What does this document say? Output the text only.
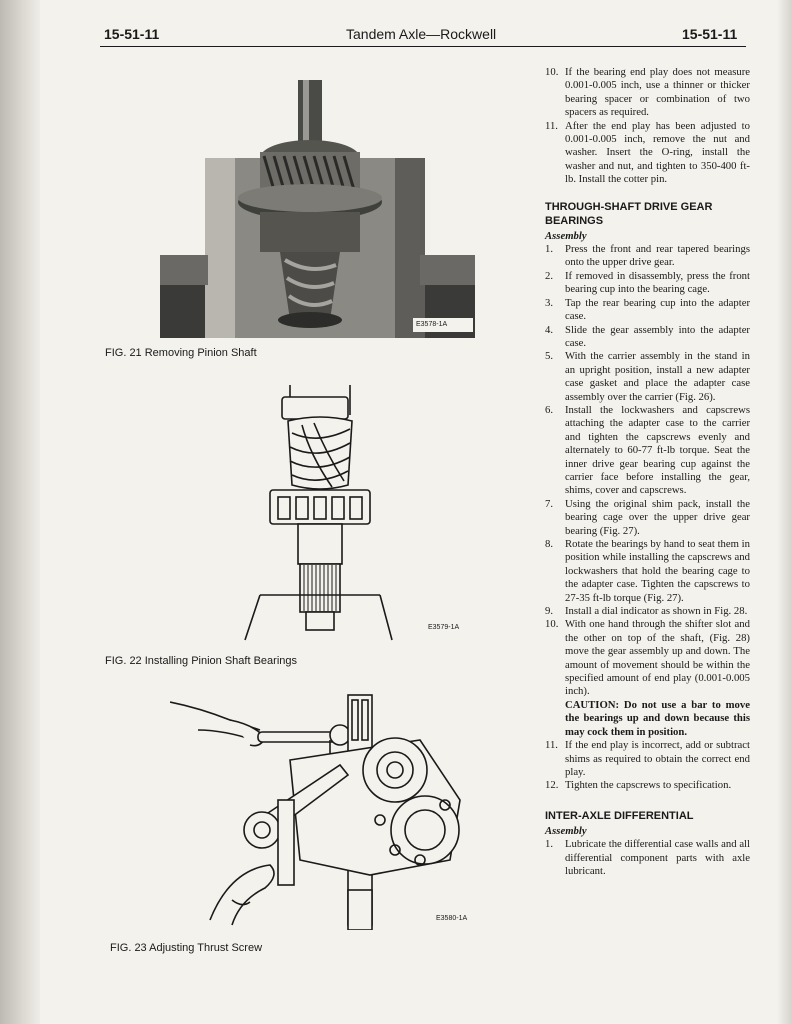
15-51-11	Tandem Axle—Rockwell	15-51-11
E3578-1A
FIG. 21 Removing Pinion Shaft
E3579-1A
FIG. 22 Installing Pinion Shaft Bearings
E3580-1A
FIG. 23 Adjusting Thrust Screw
10. If the bearing end play does not measure 0.001-0.005 inch, use a thinner or thicker bearing spacer or combination of two spacers as required.
11. After the end play has been adjusted to 0.001-0.005 inch, remove the nut and washer. Insert the O-ring, install the washer and nut, and tighten to 350-400 ft-lb. Install the cotter pin.
THROUGH-SHAFT DRIVE GEAR BEARINGS
Assembly
1.	Press the front and rear tapered bearings onto the upper drive gear.
2.	If removed in disassembly, press the front bearing cup into the bearing cage.
3.	Tap the rear bearing cup into the adapter case.
4.	Slide the gear assembly into the adapter case.
5.	With the carrier assembly in the stand in an upright position, install a new adapter case gasket and place the adapter case assembly over the carrier (Fig. 26).
6.	Install the lockwashers and capscrews attaching the adapter case to the carrier and tighten the capscrews evenly and alternately to 60-77 ft-lb torque. Seat the inner drive gear bearing cup against the carrier face before installing the gear, shims, cover and capscrews.
7.	Using the original shim pack, install the bearing cage over the upper drive gear bearing (Fig. 27).
8.	Rotate the bearings by hand to seat them in position while installing the capscrews and lockwashers that hold the bearing cage to the adapter case. Tighten the capscrews to 27-35 ft-lb torque (Fig. 27).
9.	Install a dial indicator as shown in Fig. 28.
10. With one hand through the shifter slot and the other on top of the shaft, (Fig. 28) move the gear assembly up and down. The amount of movement should be within the specified amount of end play (0.001-0.005 inch).
CAUTION: Do not use a bar to move the bearings up and down because this may cock them in position.
11. If the end play is incorrect, add or subtract shims as required to obtain the correct end play.
12. Tighten the capscrews to specification.
INTER-AXLE DIFFERENTIAL
Assembly
1.	Lubricate the differential case walls and all differential component parts with axle lubricant.
